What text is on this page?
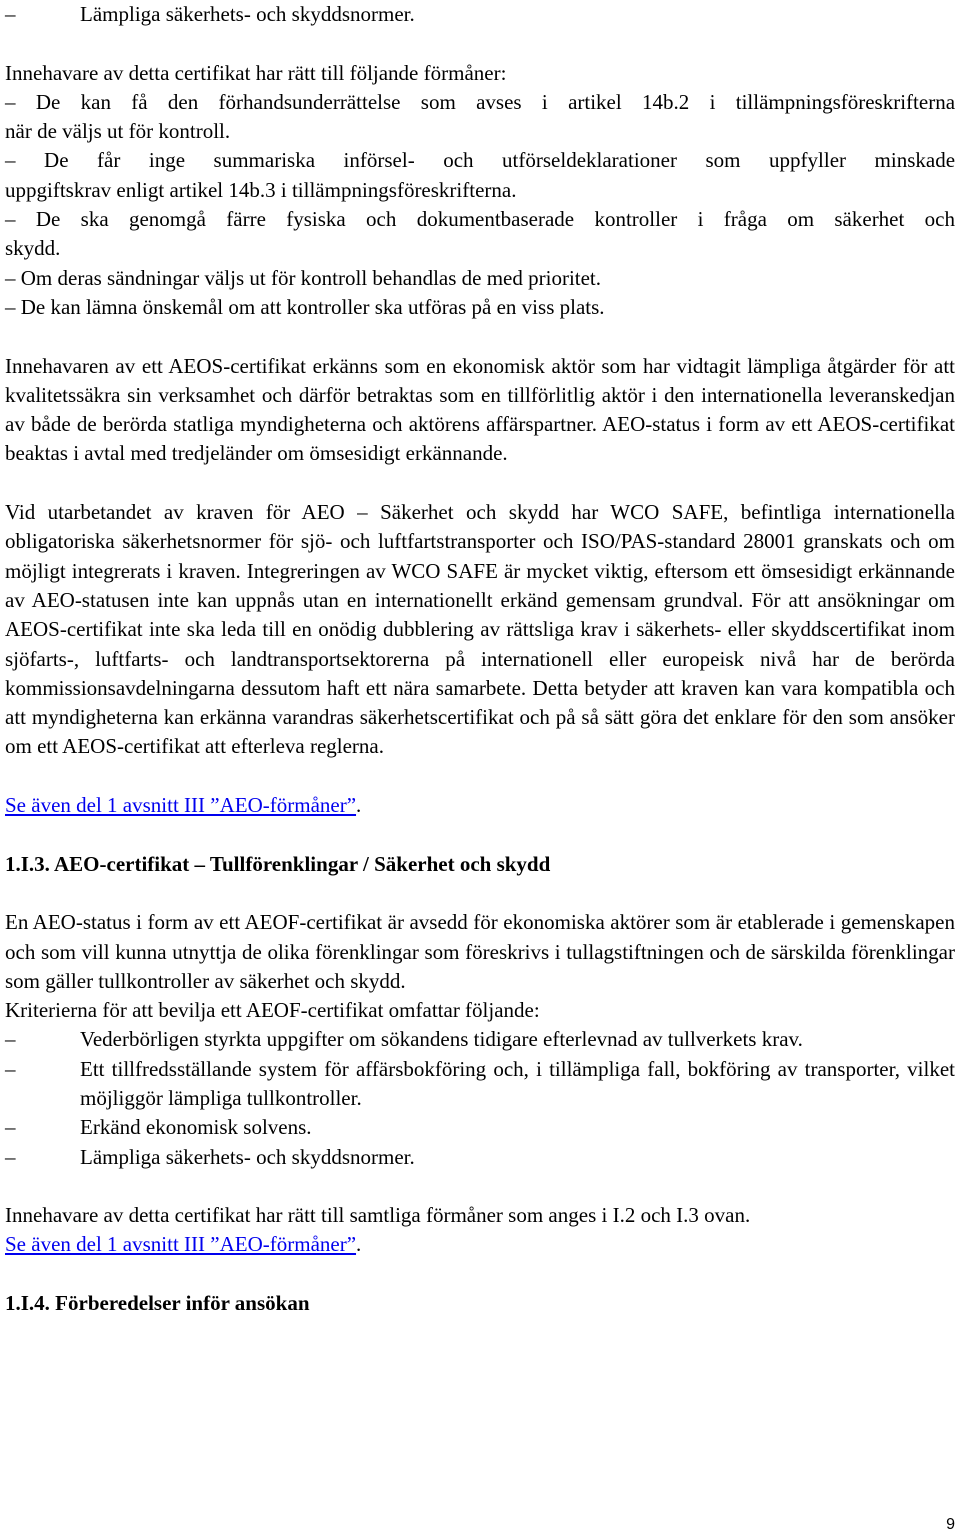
–	Lämpliga säkerhets- och skyddsnormer.

Innehavare av detta certifikat har rätt till följande förmåner:

– De kan få den förhandsunderrättelse som avses i artikel 14b.2 i tillämpningsföreskrifterna
när de väljs ut för kontroll.
– De får inge summariska införsel- och utförseldeklarationer som uppfyller minskade
uppgiftskrav enligt artikel 14b.3 i tillämpningsföreskrifterna.
– De ska genomgå färre fysiska och dokumentbaserade kontroller i fråga om säkerhet och
skydd.
– Om deras sändningar väljs ut för kontroll behandlas de med prioritet.
– De kan lämna önskemål om att kontroller ska utföras på en viss plats.

Innehavaren av ett AEOS-certifikat erkänns som en ekonomisk aktör som har vidtagit lämpliga åtgärder för att kvalitetssäkra sin verksamhet och därför betraktas som en tillförlitlig aktör i den internationella leveranskedjan av både de berörda statliga myndigheterna och aktörens affärspartner. AEO-status i form av ett AEOS-certifikat beaktas i avtal med tredjeländer om ömsesidigt erkännande.

Vid utarbetandet av kraven för AEO – Säkerhet och skydd har WCO SAFE, befintliga internationella obligatoriska säkerhetsnormer för sjö- och luftfartstransporter och ISO/PAS-standard 28001 granskats och om möjligt integrerats i kraven. Integreringen av WCO SAFE är mycket viktig, eftersom ett ömsesidigt erkännande av AEO-statusen inte kan uppnås utan en internationellt erkänd gemensam grundval. För att ansökningar om AEOS-certifikat inte ska leda till en onödig dubblering av rättsliga krav i säkerhets- eller skyddscertifikat inom sjöfarts-, luftfarts- och landtransportsektorerna på internationell eller europeisk nivå har de berörda kommissionsavdelningarna dessutom haft ett nära samarbete. Detta betyder att kraven kan vara kompatibla och att myndigheterna kan erkänna varandras säkerhetscertifikat och på så sätt göra det enklare för den som ansöker om ett AEOS-certifikat att efterleva reglerna.

Se även del 1 avsnitt III ”AEO-förmåner”.

1.I.3. AEO-certifikat – Tullförenklingar / Säkerhet och skydd

En AEO-status i form av ett AEOF-certifikat är avsedd för ekonomiska aktörer som är etablerade i gemenskapen och som vill kunna utnyttja de olika förenklingar som föreskrivs i tullagstiftningen och de särskilda förenklingar som gäller tullkontroller av säkerhet och skydd.

Kriterierna för att bevilja ett AEOF-certifikat omfattar följande:

–	Vederbörligen styrkta uppgifter om sökandens tidigare efterlevnad av tullverkets krav.
–	Ett tillfredsställande system för affärsbokföring och, i tillämpliga fall, bokföring av transporter, vilket möjliggör lämpliga tullkontroller.
–	Erkänd ekonomisk solvens.
–	Lämpliga säkerhets- och skyddsnormer.

Innehavare av detta certifikat har rätt till samtliga förmåner som anges i I.2 och I.3 ovan.

Se även del 1 avsnitt III ”AEO-förmåner”.

1.I.4. Förberedelser inför ansökan
9
